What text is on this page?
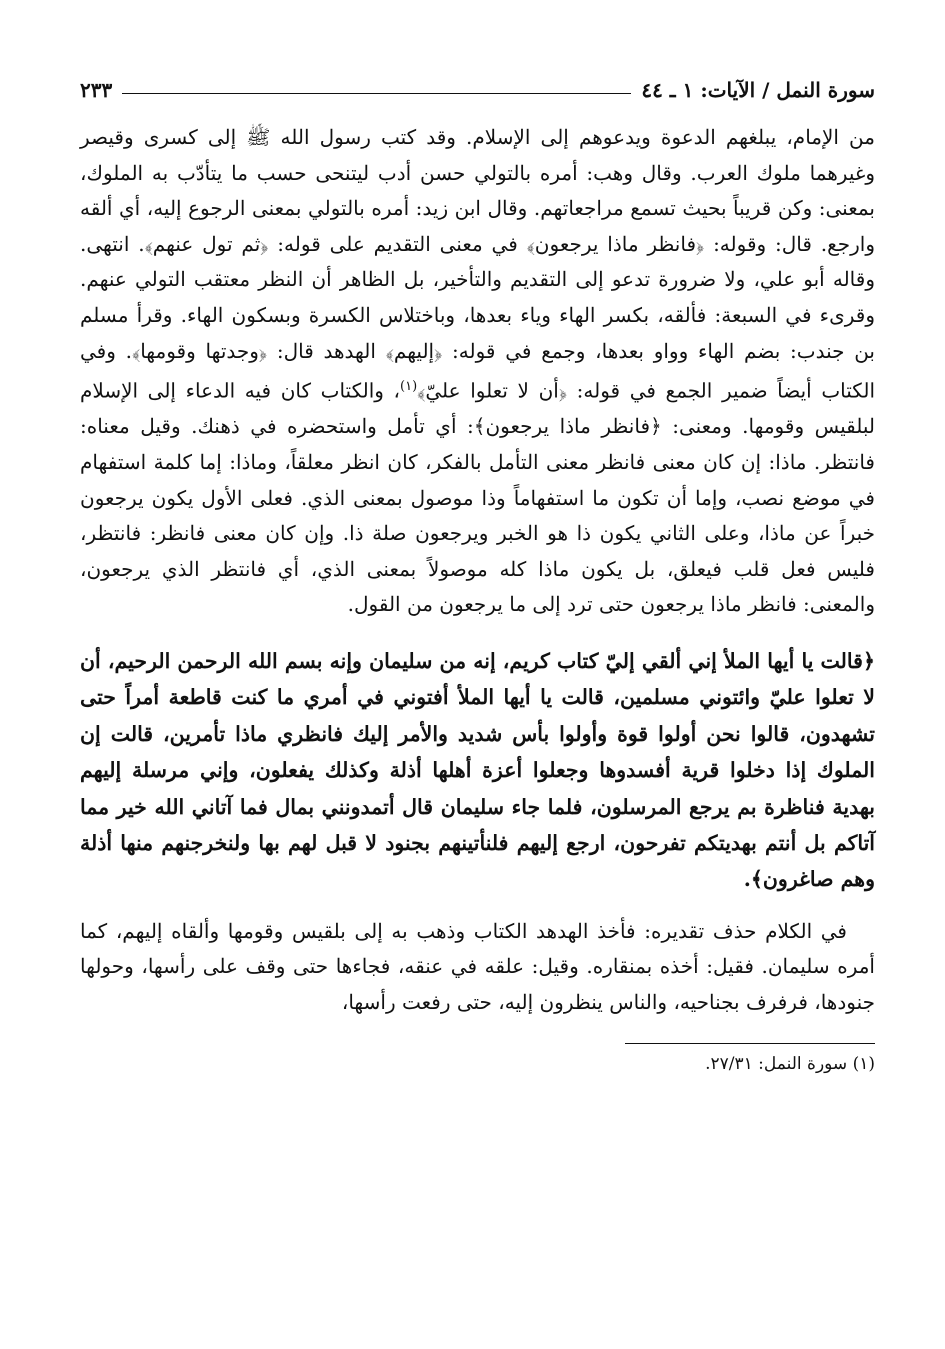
سورة النمل / الآيات: ١ ـ ٤٤
٢٣٣

من الإمام، يبلغهم الدعوة ويدعوهم إلى الإسلام. وقد كتب رسول الله ﷺ إلى كسرى وقيصر وغيرهما ملوك العرب. وقال وهب: أمره بالتولي حسن أدب ليتنحى حسب ما يتأدّب به الملوك، بمعنى: وكن قريباً بحيث تسمع مراجعاتهم. وقال ابن زيد: أمره بالتولي بمعنى الرجوع إليه، أي ألقه وارجع. قال: وقوله: ﴿فانظر ماذا يرجعون﴾ في معنى التقديم على قوله: ﴿ثم تول عنهم﴾. انتهى. وقاله أبو علي، ولا ضرورة تدعو إلى التقديم والتأخير، بل الظاهر أن النظر معتقب التولي عنهم. وقرىء في السبعة: فألقه، بكسر الهاء وياء بعدها، وباختلاس الكسرة وبسكون الهاء. وقرأ مسلم بن جندب: بضم الهاء وواو بعدها، وجمع في قوله: ﴿إليهم﴾ الهدهد قال: ﴿وجدتها وقومها﴾. وفي الكتاب أيضاً ضمير الجمع في قوله: ﴿أن لا تعلوا عليّ﴾$^{(١)}$، والكتاب كان فيه الدعاء إلى الإسلام لبلقيس وقومها. ومعنى: ﴿فانظر ماذا يرجعون﴾: أي تأمل واستحضره في ذهنك. وقيل معناه: فانتظر. ماذا: إن كان معنى فانظر معنى التأمل بالفكر، كان انظر معلقاً، وماذا: إما كلمة استفهام في موضع نصب، وإما أن تكون ما استفهاماً وذا موصول بمعنى الذي. فعلى الأول يكون يرجعون خبراً عن ماذا، وعلى الثاني يكون ذا هو الخبر ويرجعون صلة ذا. وإن كان معنى فانظر: فانتظر، فليس فعل قلب فيعلق، بل يكون ماذا كله موصولاً بمعنى الذي، أي فانتظر الذي يرجعون، والمعنى: فانظر ماذا يرجعون حتى ترد إلى ما يرجعون من القول.

﴿قالت يا أيها الملأ إني ألقي إليّ كتاب كريم، إنه من سليمان وإنه بسم الله الرحمن الرحيم، أن لا تعلوا عليّ وائتوني مسلمين، قالت يا أيها الملأ أفتوني في أمري ما كنت قاطعة أمراً حتى تشهدون، قالوا نحن أولوا قوة وأولوا بأس شديد والأمر إليك فانظري ماذا تأمرين، قالت إن الملوك إذا دخلوا قرية أفسدوها وجعلوا أعزة أهلها أذلة وكذلك يفعلون، وإني مرسلة إليهم بهدية فناظرة بم يرجع المرسلون، فلما جاء سليمان قال أتمدونني بمال فما آتاني الله خير مما آتاكم بل أنتم بهديتكم تفرحون، ارجع إليهم فلنأتينهم بجنود لا قبل لهم بها ولنخرجنهم منها أذلة وهم صاغرون﴾.

في الكلام حذف تقديره: فأخذ الهدهد الكتاب وذهب به إلى بلقيس وقومها وألقاه إليهم، كما أمره سليمان. فقيل: أخذه بمنقاره. وقيل: علقه في عنقه، فجاءها حتى وقف على رأسها، وحولها جنودها، فرفرف بجناحيه، والناس ينظرون إليه، حتى رفعت رأسها،

(١) سورة النمل: ٢٧/٣١.
